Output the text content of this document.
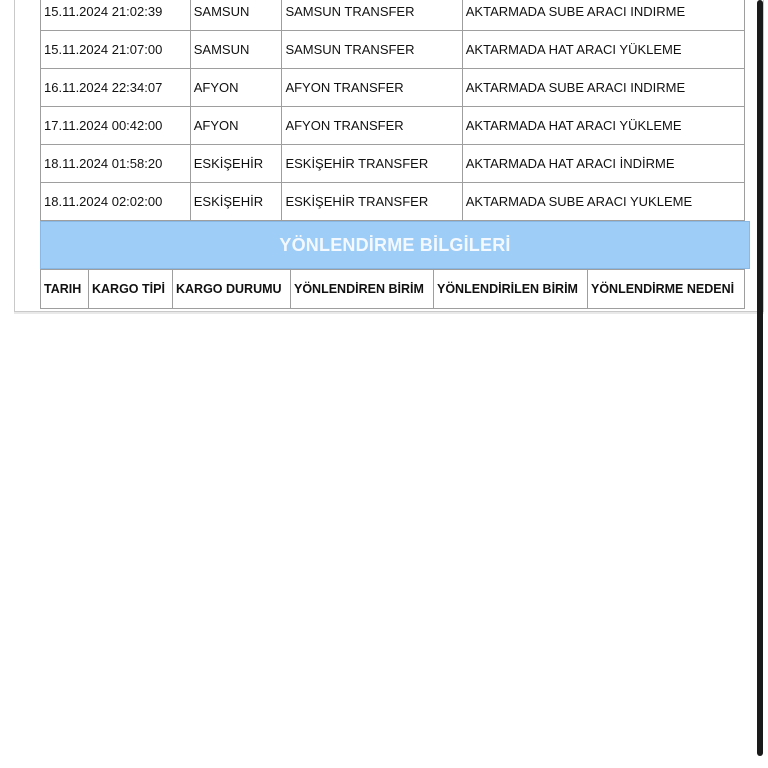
15.11.2024 21:02:39	SAMSUN	SAMSUN TRANSFER	AKTARMADA SUBE ARACI INDIRME
15.11.2024 21:07:00	SAMSUN	SAMSUN TRANSFER	AKTARMADA HAT ARACI YÜKLEME
16.11.2024 22:34:07	AFYON	AFYON TRANSFER	AKTARMADA SUBE ARACI INDIRME
17.11.2024 00:42:00	AFYON	AFYON TRANSFER	AKTARMADA HAT ARACI YÜKLEME
18.11.2024 01:58:20	ESKİŞEHİR	ESKİŞEHİR TRANSFER	AKTARMADA HAT ARACI İNDİRME
18.11.2024 02:02:00	ESKİŞEHİR	ESKİŞEHİR TRANSFER	AKTARMADA SUBE ARACI YUKLEME
YÖNLENDİRME BİLGİLERİ
TARIH	KARGO TİPİ	KARGO DURUMU	YÖNLENDİREN BİRİM	YÖNLENDİRİLEN BİRİM	YÖNLENDİRME NEDENİ
